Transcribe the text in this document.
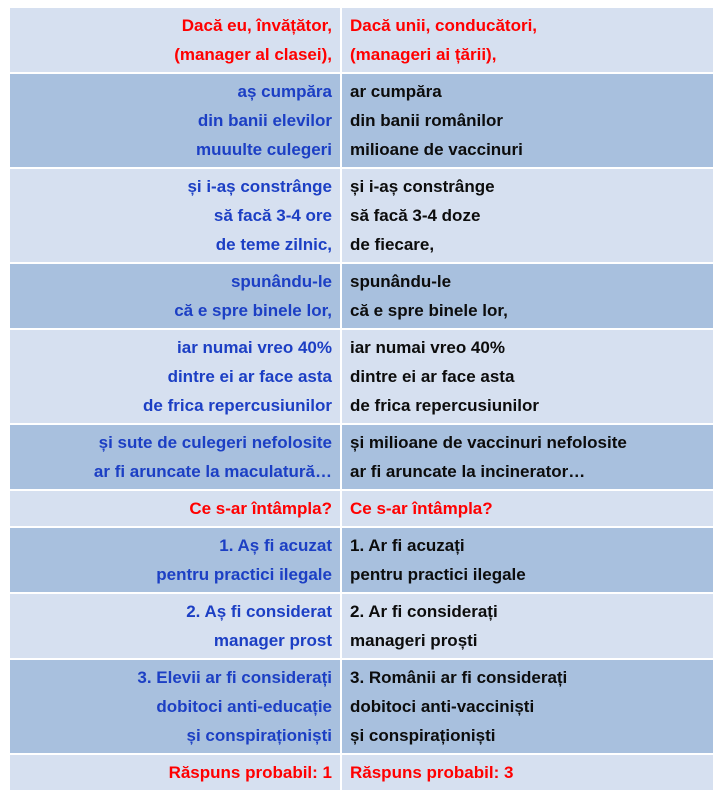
Dacă eu, învățător,
(manager al clasei),	Dacă unii, conducători,
(manageri ai țării),

aș cumpăra
din banii elevilor
muuulte culegeri	ar cumpăra
din banii românilor
milioane de vaccinuri

și i-aș constrânge
să facă 3-4 ore
de teme zilnic,	și i-aș constrânge
să facă 3-4 doze
de fiecare,

spunându-le
că e spre binele lor,	spunându-le
că e spre binele lor,

iar numai vreo 40%
dintre ei ar face asta
de frica repercusiunilor	iar numai vreo 40%
dintre ei ar face asta
de frica repercusiunilor

și sute de culegeri nefolosite
ar fi aruncate la maculatură…	și milioane de vaccinuri nefolosite
ar fi aruncate la incinerator…

Ce s-ar întâmpla?	Ce s-ar întâmpla?

1. Aș fi acuzat
pentru practici ilegale	1. Ar fi acuzați
pentru practici ilegale

2. Aș fi considerat
manager prost	2. Ar fi considerați
manageri proști

3. Elevii ar fi considerați
dobitoci anti-educație
și conspiraționiști	3. Românii ar fi considerați
dobitoci anti-vacciniști
și conspiraționiști

Răspuns probabil: 1	Răspuns probabil: 3
